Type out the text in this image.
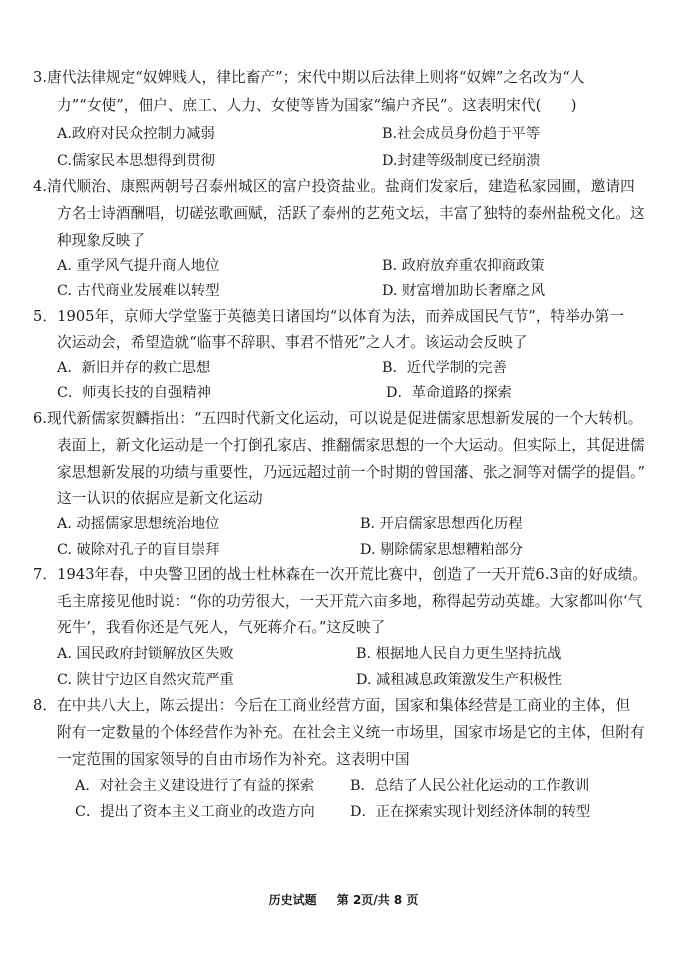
3.唐代法律规定“奴婢贱人，律比畜产”；宋代中期以后法律上则将“奴婢”之名改为“人
力”“女使”，佃户、庶工、人力、女使等皆为国家“编户齐民”。这表明宋代(　　)
A.政府对民众控制力减弱	B.社会成员身份趋于平等
C.儒家民本思想得到贯彻	D.封建等级制度已经崩溃
4.清代顺治、康熙两朝号召泰州城区的富户投资盐业。盐商们发家后，建造私家园圃，邀请四
方名士诗酒酬唱，切磋弦歌画赋，活跃了泰州的艺苑文坛，丰富了独特的泰州盐税文化。这
种现象反映了
A. 重学风气提升商人地位	B. 政府放弃重农抑商政策
C. 古代商业发展难以转型	D. 财富增加助长奢靡之风
5．1905年，京师大学堂鉴于英德美日诸国均“以体育为法，而养成国民气节”，特举办第一
次运动会，希望造就“临事不辞职、事君不惜死”之人才。该运动会反映了
A．新旧并存的救亡思想	B．近代学制的完善
C．师夷长技的自强精神	D．革命道路的探索
6.现代新儒家贺麟指出：“五四时代新文化运动，可以说是促进儒家思想新发展的一个大转机。
表面上，新文化运动是一个打倒孔家店、推翻儒家思想的一个大运动。但实际上，其促进儒
家思想新发展的功绩与重要性，乃远远超过前一个时期的曾国藩、张之洞等对儒学的提倡。”
这一认识的依据应是新文化运动
A. 动摇儒家思想统治地位	B. 开启儒家思想西化历程
C. 破除对孔子的盲目崇拜	D. 剔除儒家思想糟粕部分
7．1943年春，中央警卫团的战士杜林森在一次开荒比赛中，创造了一天开荒6.3亩的好成绩。
毛主席接见他时说：“你的功劳很大，一天开荒六亩多地，称得起劳动英雄。大家都叫你‘气
死牛’，我看你还是气死人，气死蒋介石。”这反映了
A. 国民政府封锁解放区失败	B. 根据地人民自力更生坚持抗战
C. 陕甘宁边区自然灾荒严重	D. 减租减息政策激发生产积极性
8．在中共八大上，陈云提出：今后在工商业经营方面，国家和集体经营是工商业的主体，但
附有一定数量的个体经营作为补充。在社会主义统一市场里，国家市场是它的主体，但附有
一定范围的国家领导的自由市场作为补充。这表明中国
A．对社会主义建设进行了有益的探索	B．总结了人民公社化运动的工作教训
C．提出了资本主义工商业的改造方向 D．正在探索实现计划经济体制的转型
历史试题 第 2页/共 8 页
